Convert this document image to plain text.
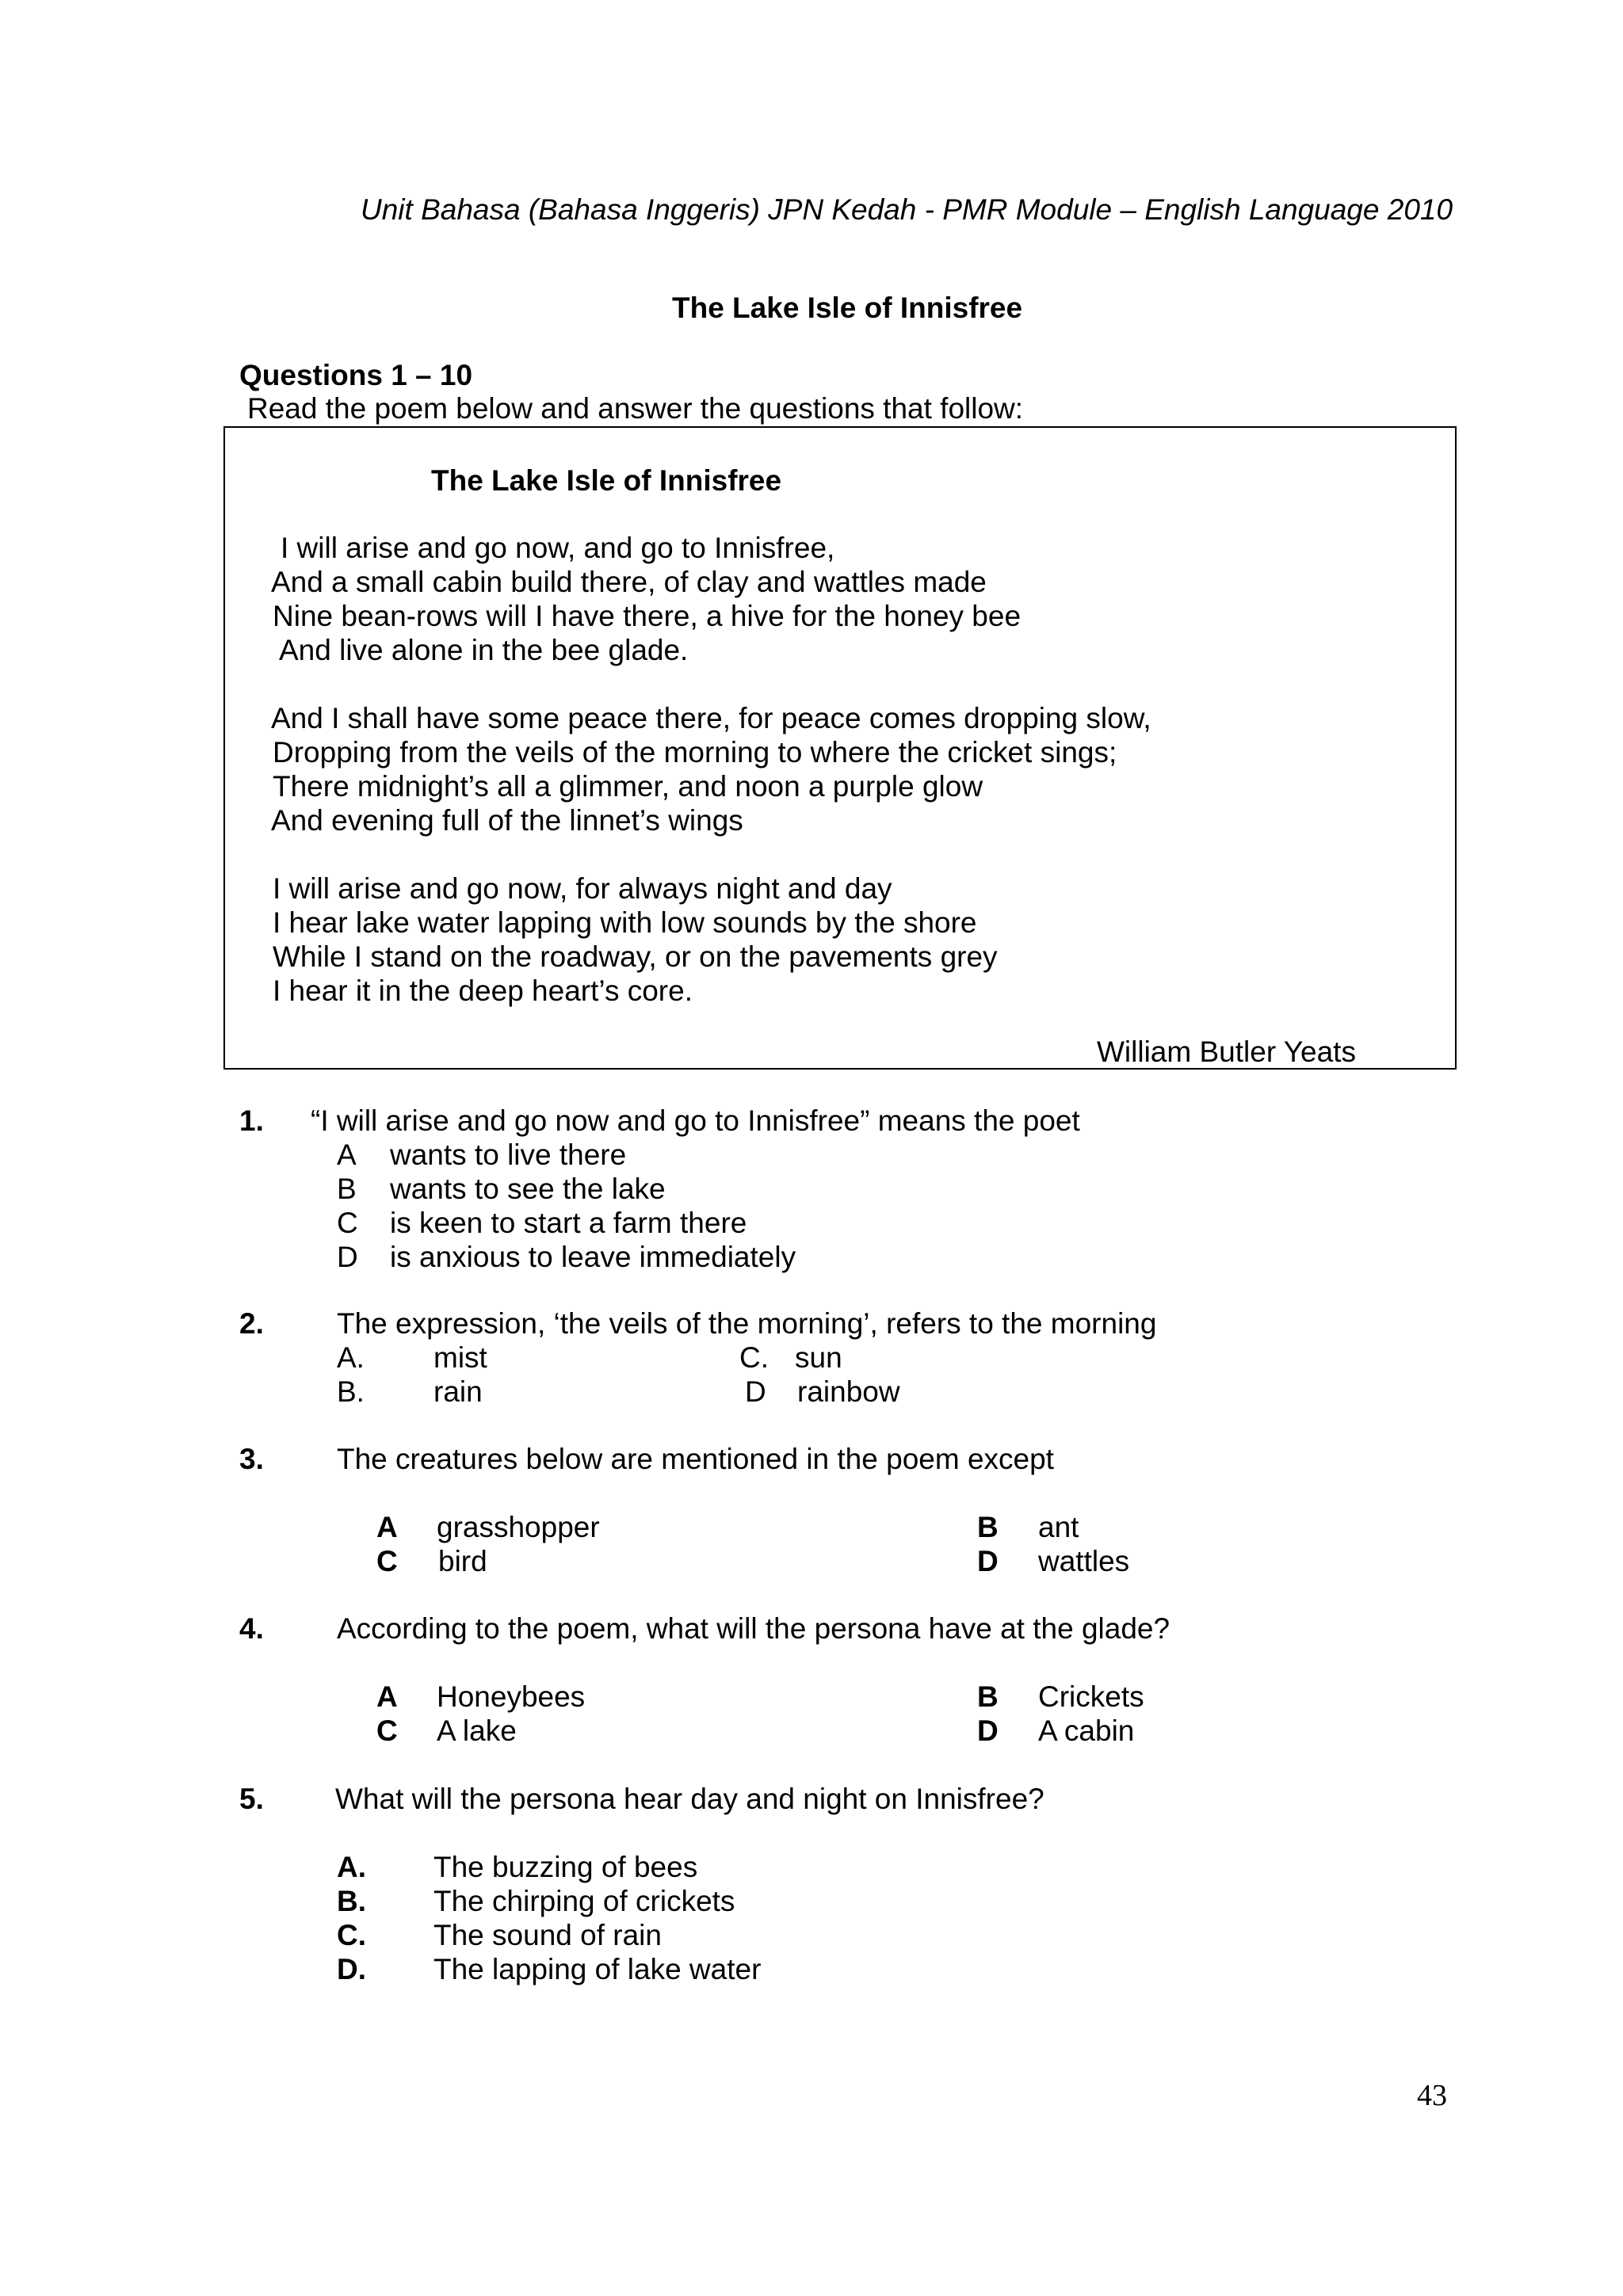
Unit Bahasa (Bahasa Inggeris) JPN Kedah - PMR Module – English Language 2010
The Lake Isle of Innisfree
Questions 1 – 10
Read the poem below and answer the questions that follow:
The Lake Isle of Innisfree
I will arise and go now, and go to Innisfree,
And a small cabin build there, of clay and wattles made
Nine bean-rows will I have there, a hive for the honey bee
And live alone in the bee glade.
And I shall have some peace there, for peace comes dropping slow,
Dropping from the veils of the morning to where the cricket sings;
There midnight’s all a glimmer, and noon a purple glow
And evening full of the linnet’s wings
I will arise and go now, for always night and day
I hear lake water lapping with low sounds by the shore
While I stand on the roadway, or on the pavements grey
I hear it in the deep heart’s core.
William Butler Yeats
1. “I will arise and go now and go to Innisfree” means the poet
A wants to live there
B wants to see the lake
C is keen to start a farm there
D is anxious to leave immediately
2. The expression, ‘the veils of the morning’, refers to the morning
A. mist	C. sun
B. rain	D rainbow
3. The creatures below are mentioned in the poem except
A grasshopper	B ant
C bird	D wattles
4. According to the poem, what will the persona have at the glade?
A Honeybees	B Crickets
C A lake	D A cabin
5. What will the persona hear day and night on Innisfree?
A. The buzzing of bees
B. The chirping of crickets
C. The sound of rain
D. The lapping of lake water
43
